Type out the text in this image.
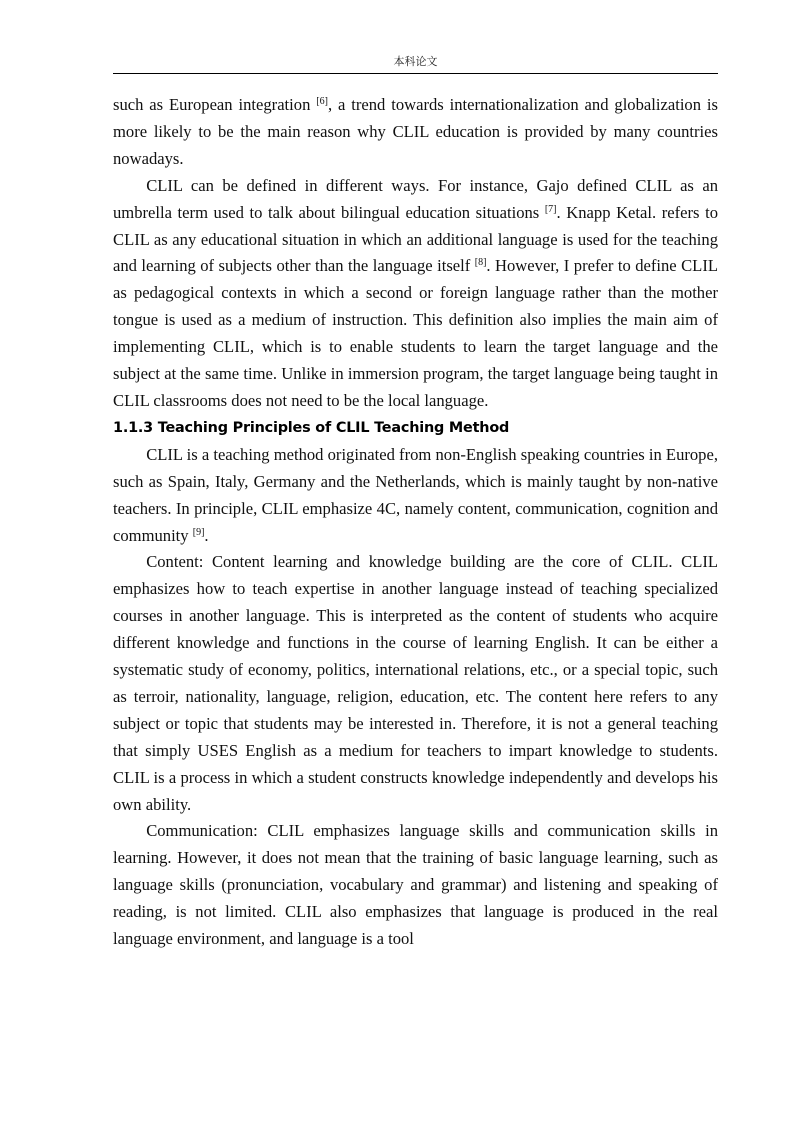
本科论文

such as European integration [6], a trend towards internationalization and globalization is more likely to be the main reason why CLIL education is provided by many countries nowadays.

CLIL can be defined in different ways. For instance, Gajo defined CLIL as an umbrella term used to talk about bilingual education situations [7]. Knapp Ketal. refers to CLIL as any educational situation in which an additional language is used for the teaching and learning of subjects other than the language itself [8]. However, I prefer to define CLIL as pedagogical contexts in which a second or foreign language rather than the mother tongue is used as a medium of instruction. This definition also implies the main aim of implementing CLIL, which is to enable students to learn the target language and the subject at the same time. Unlike in immersion program, the target language being taught in CLIL classrooms does not need to be the local language.

1.1.3 Teaching Principles of CLIL Teaching Method

CLIL is a teaching method originated from non-English speaking countries in Europe, such as Spain, Italy, Germany and the Netherlands, which is mainly taught by non-native teachers. In principle, CLIL emphasize 4C, namely content, communication, cognition and community [9].

Content: Content learning and knowledge building are the core of CLIL. CLIL emphasizes how to teach expertise in another language instead of teaching specialized courses in another language. This is interpreted as the content of students who acquire different knowledge and functions in the course of learning English. It can be either a systematic study of economy, politics, international relations, etc., or a special topic, such as terroir, nationality, language, religion, education, etc. The content here refers to any subject or topic that students may be interested in. Therefore, it is not a general teaching that simply USES English as a medium for teachers to impart knowledge to students. CLIL is a process in which a student constructs knowledge independently and develops his own ability.

Communication: CLIL emphasizes language skills and communication skills in learning. However, it does not mean that the training of basic language learning, such as language skills (pronunciation, vocabulary and grammar) and listening and speaking of reading, is not limited. CLIL also emphasizes that language is produced in the real language environment, and language is a tool
